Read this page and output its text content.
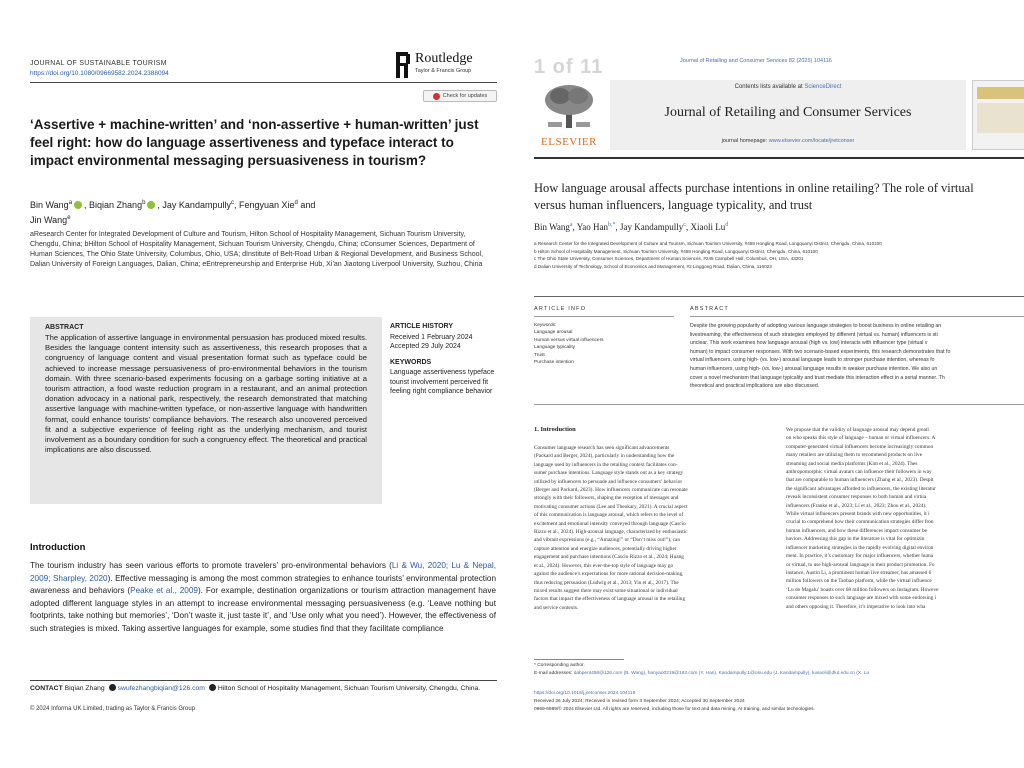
JOURNAL OF SUSTAINABLE TOURISM
https://doi.org/10.1080/09669582.2024.2388094
Routledge
Taylor & Francis Group
Check for updates
‘Assertive + machine-written’ and ‘non-assertive + human-written’ just feel right: how do language assertiveness and typeface interact to impact environmental messaging persuasiveness in tourism?
Bin Wang$^a$ , Biqian Zhang$^b$ , Jay Kandampully$^c$, Fengyuan Xie$^d$ and
Jin Wang$^e$
aResearch Center for Integrated Development of Culture and Tourism, Hilton School of Hospitality Management, Sichuan Tourism University, Chengdu, China; bHilton School of Hospitality Management, Sichuan Tourism University, Chengdu, China; cConsumer Sciences, Department of Human Sciences, The Ohio State University, Columbus, Ohio, USA; dInstitute of Belt-Road Urban & Regional Development, and Business School, Dalian University of Foreign Languages, Dalian, China; eEntrepreneurship and Enterprise Hub, Xi’an Jiaotong Liverpool University, Suzhou, China
ABSTRACT
The application of assertive language in environmental persuasion has produced mixed results. Besides the language content intensity such as assertiveness, this research proposes that a congruency of language content and visual presentation format such as typeface could be achieved to increase message persuasiveness of pro-environmental behaviors in the tourism domain. With three scenario-based experiments focusing on a garbage sorting initiative at a tourism attraction, a food waste reduction program in a restaurant, and an animal protection donation advocacy in a national park, respectively, the research demonstrated that matching assertive language with machine-written typeface, or non-assertive language with handwritten format, could enhance tourists’ compliance behaviors. The research also uncovered perceived fit and a subjective experience of feeling right as the underlying mechanism, and tourist involvement as a boundary condition for such a congruency effect. The theoretical and practical implications are also discussed.
ARTICLE HISTORY
Received 1 February 2024
Accepted 29 July 2024
KEYWORDS
Language assertiveness typeface tourist involvement perceived fit feeling right compliance behavior
Introduction
The tourism industry has seen various efforts to promote travelers’ pro-environmental behaviors (Li & Wu, 2020; Lu & Nepal, 2009; Sharpley, 2020). Effective messaging is among the most common strategies to enhance tourists’ environmental protection awareness and behaviors (Peake et al., 2009). For example, destination organizations or tourism attraction management have adopted different language styles in an attempt to increase environmental messaging persuasiveness (e.g. ‘Leave nothing but footprints, take nothing but memories’, ‘Don’t waste it, just taste it’, and ‘Use only what you need’). However, the effectiveness of such strategies is mixed. Taking assertive languages for example, some studies find that they facilitate compliance
CONTACT Biqian Zhang swufezhangbiqian@126.com Hilton School of Hospitality Management, Sichuan Tourism University, Chengdu, China.
© 2024 Informa UK Limited, trading as Taylor & Francis Group
1 of 11	Journal of Retailing and Consumer Services 82 (2025) 104116
ELSEVIER
Contents lists available at ScienceDirect
Journal of Retailing and Consumer Services
journal homepage: www.elsevier.com/locate/jretconser
How language arousal affects purchase intentions in online retailing? The role of virtual versus human influencers, language typicality, and trust
Bin Wang$^a$, Yao Han$^{b,*}$, Jay Kandampully$^c$, Xiaoli Lu$^d$
a Research Center for the Integrated Development of Culture and Tourism, Sichuan Tourism University, #459 Hongling Road, Longquanyi District, Chengdu, China, 610100
b Hilton School of Hospitality Management, Sichuan Tourism University, #459 Hongling Road, Longquanyi District, Chengdu, China, 610100
c The Ohio State University, Consumer Sciences, Department of Human Sciences, #245 Campbell Hall, Columbus, OH, USA, 43201
d Dalian University of Technology, School of Economics and Management, #2 Linggong Road, Dalian, China, 116023
ARTICLE INFO	ABSTRACT
Keywords:
Language arousal
Human versus virtual influencers
Language typicality
Trust
Purchase intention
Despite the growing popularity of adopting various language strategies to boost business in online retailing an
livestreaming, the effectiveness of such strategies employed by different (virtual vs. human) influencers is sti
unclear. This work examines how language arousal (high vs. low) interacts with influencer type (virtual v
human) to impact consumer responses. With two scenario-based experiments, this research demonstrates that fo
virtual influencers, using high- (vs. low-) arousal language leads to stronger purchase intention, whereas fo
human influencers, using high- (vs. low-) arousal language results in weaker purchase intention. We also un
cover a novel mechanism that language typicality and trust mediate this interaction effect in a serial manner. Th
theoretical and practical implications are also discussed.
1. Introduction
Consumer language research has seen significant advancements
(Packard and Berger, 2024), particularly in understanding how the
language used by influencers in the retailing context facilitates con-
sumer purchase intentions. Language style stands out as a key strategy
utilized by influencers to persuade and influence consumers’ behavior
(Berger and Packard, 2023). How influencers communicate can resonate
strongly with their followers, shaping the reception of messages and
motivating consumer actions (Lee and Theokary, 2021). A crucial aspect
of this communication is language arousal, which refers to the level of
excitement and emotional intensity conveyed through language (Cascio
Rizzo et al., 2024). High-arousal language, characterized by enthusiastic
and vibrant expressions (e.g., “Amazing!” or “Don’t miss out!”), can
capture attention and energize audiences, potentially driving higher
engagement and purchase intentions (Cascio Rizzo et al., 2024; Huang
et al., 2024). However, this ever-the-top style of language may go
against the audience’s expectations for more rational decision-making,
thus reducing persuasion (Ludwig et al., 2013; Yin et al., 2017). The
mixed results suggest there may exist some situational or individual
factors that impact the effectiveness of language arousal in the retailing
and service contexts.
We propose that the validity of language arousal may depend greatl
on who speaks this style of language – human or virtual influencers. A
computer-generated virtual influencers become increasingly common
many retailers are utilizing them to recommend products on live
streaming and social media platforms (Kim et al., 2024). Thes
anthropomorphic virtual avatars can influence their followers in way
that are comparable to human influencers (Zhang et al., 2023). Despit
the significant advantages afforded to influencers, the existing literatur
reveals inconsistent consumer responses to both human and virtua
influencers (Franke et al., 2023; Li et al., 2023; Zhou et al., 2024).
While virtual influencers present brands with new opportunities, it i
crucial to comprehend how their communication strategies differ fron
human influencers, and how these differences impact consumer be
haviors. Addressing this gap in the literature is vital for optimizin
influencer marketing strategies in the rapidly evolving digital environ
ment. In practice, it’s customary for major influencers, whether huma
or virtual, to use high-arousal language in their product promotion. Fo
instance, Austin Li, a prominent human live streamer, has amassed 6
million followers on the Taobao platform, while the virtual influence
‘Lu do Magalu’ boasts over 68 million followers on Instagram. Howeve
consumer responses to such language are mixed with some endorsing i
and others opposing it. Therefore, it’s imperative to look into wha
* Corresponding author.
E-mail addresses: dabpent458@126.com (B. Wang), hanyao0219@163.com (Y. Han), Kandampully.1@osu.edu (J. Kandampully), luxiaoli@dlut.edu.cn (X. Lu
https://doi.org/10.1016/j.jretconser.2024.104116
Received 26 July 2024; Received in revised form 3 September 2024; Accepted 30 September 2024
0969-6989/© 2024 Elsevier Ltd. All rights are reserved, including those for text and data mining, AI training, and similar technologies.
